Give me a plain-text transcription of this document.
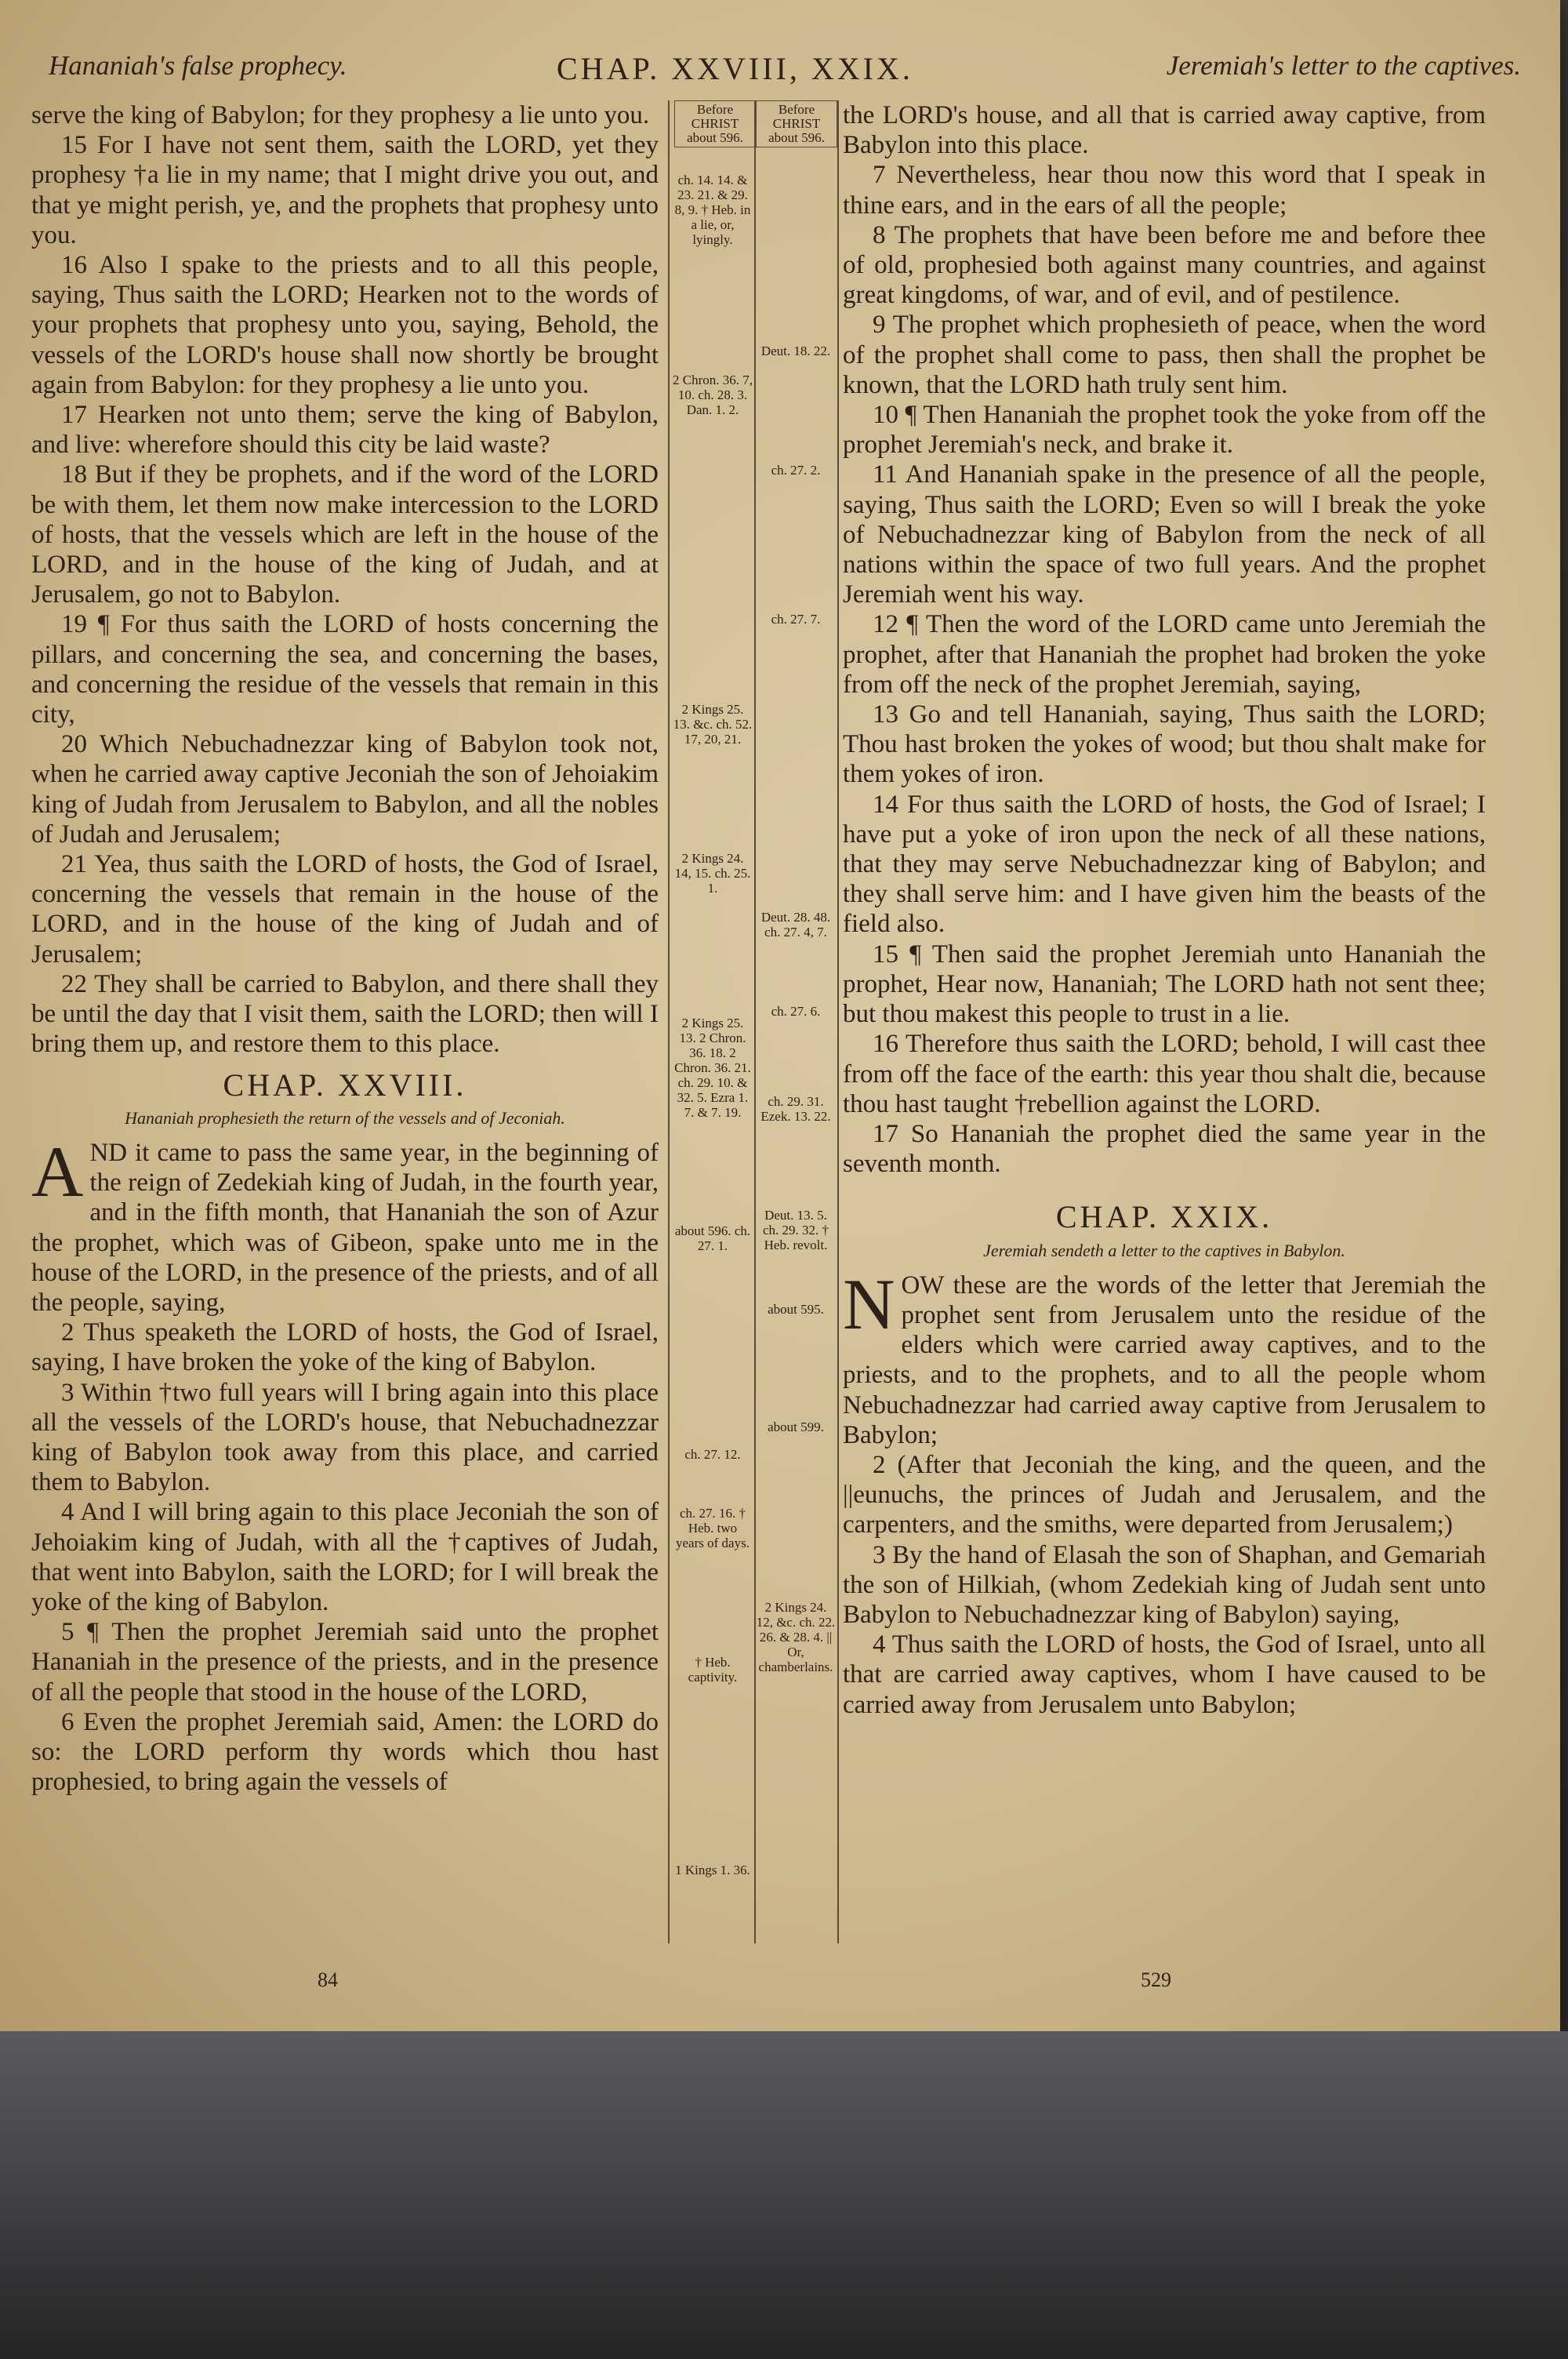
Hananiah's false prophecy.	CHAP. XXVIII, XXIX.	Jeremiah's letter to the captives.
Before CHRIST about 596.
Before CHRIST about 596.
ch. 14. 14. & 23. 21. & 29. 8, 9. † Heb. in a lie, or, lyingly.
2 Chron. 36. 7, 10. ch. 28. 3. Dan. 1. 2.
2 Kings 25. 13. &c. ch. 52. 17, 20, 21.
2 Kings 24. 14, 15. ch. 25. 1.
2 Kings 25. 13. 2 Chron. 36. 18. 2 Chron. 36. 21. ch. 29. 10. & 32. 5. Ezra 1. 7. & 7. 19.
about 596. ch. 27. 1.
ch. 27. 12.
ch. 27. 16. † Heb. two years of days.
† Heb. captivity.
1 Kings 1. 36.
Deut. 18. 22.
ch. 27. 2.
ch. 27. 7.
Deut. 28. 48. ch. 27. 4, 7.
ch. 27. 6.
ch. 29. 31. Ezek. 13. 22.
Deut. 13. 5. ch. 29. 32. † Heb. revolt.
about 595.
about 599.
2 Kings 24. 12, &c. ch. 22. 26. & 28. 4. || Or, chamberlains.

serve the king of Babylon; for they prophesy a lie unto you.

15 For I have not sent them, saith the LORD, yet they prophesy †a lie in my name; that I might drive you out, and that ye might perish, ye, and the prophets that prophesy unto you.

16 Also I spake to the priests and to all this people, saying, Thus saith the LORD; Hearken not to the words of your prophets that prophesy unto you, saying, Behold, the vessels of the LORD's house shall now shortly be brought again from Babylon: for they prophesy a lie unto you.

17 Hearken not unto them; serve the king of Babylon, and live: wherefore should this city be laid waste?

18 But if they be prophets, and if the word of the LORD be with them, let them now make intercession to the LORD of hosts, that the vessels which are left in the house of the LORD, and in the house of the king of Judah, and at Jerusalem, go not to Babylon.

19 ¶ For thus saith the LORD of hosts concerning the pillars, and concerning the sea, and concerning the bases, and concerning the residue of the vessels that remain in this city,

20 Which Nebuchadnezzar king of Babylon took not, when he carried away captive Jeconiah the son of Jehoiakim king of Judah from Jerusalem to Babylon, and all the nobles of Judah and Jerusalem;

21 Yea, thus saith the LORD of hosts, the God of Israel, concerning the vessels that remain in the house of the LORD, and in the house of the king of Judah and of Jerusalem;

22 They shall be carried to Babylon, and there shall they be until the day that I visit them, saith the LORD; then will I bring them up, and restore them to this place.

CHAP. XXVIII.
Hananiah prophesieth the return of the vessels and of Jeconiah.

AND it came to pass the same year, in the beginning of the reign of Zedekiah king of Judah, in the fourth year, and in the fifth month, that Hananiah the son of Azur the prophet, which was of Gibeon, spake unto me in the house of the LORD, in the presence of the priests, and of all the people, saying,

2 Thus speaketh the LORD of hosts, the God of Israel, saying, I have broken the yoke of the king of Babylon.

3 Within †two full years will I bring again into this place all the vessels of the LORD's house, that Nebuchadnezzar king of Babylon took away from this place, and carried them to Babylon.

4 And I will bring again to this place Jeconiah the son of Jehoiakim king of Judah, with all the †captives of Judah, that went into Babylon, saith the LORD; for I will break the yoke of the king of Babylon.

5 ¶ Then the prophet Jeremiah said unto the prophet Hananiah in the presence of the priests, and in the presence of all the people that stood in the house of the LORD,

6 Even the prophet Jeremiah said, Amen: the LORD do so: the LORD perform thy words which thou hast prophesied, to bring again the vessels of

the LORD's house, and all that is carried away captive, from Babylon into this place.

7 Nevertheless, hear thou now this word that I speak in thine ears, and in the ears of all the people;

8 The prophets that have been before me and before thee of old, prophesied both against many countries, and against great kingdoms, of war, and of evil, and of pestilence.

9 The prophet which prophesieth of peace, when the word of the prophet shall come to pass, then shall the prophet be known, that the LORD hath truly sent him.

10 ¶ Then Hananiah the prophet took the yoke from off the prophet Jeremiah's neck, and brake it.

11 And Hananiah spake in the presence of all the people, saying, Thus saith the LORD; Even so will I break the yoke of Nebuchadnezzar king of Babylon from the neck of all nations within the space of two full years. And the prophet Jeremiah went his way.

12 ¶ Then the word of the LORD came unto Jeremiah the prophet, after that Hananiah the prophet had broken the yoke from off the neck of the prophet Jeremiah, saying,

13 Go and tell Hananiah, saying, Thus saith the LORD; Thou hast broken the yokes of wood; but thou shalt make for them yokes of iron.

14 For thus saith the LORD of hosts, the God of Israel; I have put a yoke of iron upon the neck of all these nations, that they may serve Nebuchadnezzar king of Babylon; and they shall serve him: and I have given him the beasts of the field also.

15 ¶ Then said the prophet Jeremiah unto Hananiah the prophet, Hear now, Hananiah; The LORD hath not sent thee; but thou makest this people to trust in a lie.

16 Therefore thus saith the LORD; behold, I will cast thee from off the face of the earth: this year thou shalt die, because thou hast taught †rebellion against the LORD.

17 So Hananiah the prophet died the same year in the seventh month.

CHAP. XXIX.
Jeremiah sendeth a letter to the captives in Babylon.

NOW these are the words of the letter that Jeremiah the prophet sent from Jerusalem unto the residue of the elders which were carried away captives, and to the priests, and to the prophets, and to all the people whom Nebuchadnezzar had carried away captive from Jerusalem to Babylon;

2 (After that Jeconiah the king, and the queen, and the ||eunuchs, the princes of Judah and Jerusalem, and the carpenters, and the smiths, were departed from Jerusalem;)

3 By the hand of Elasah the son of Shaphan, and Gemariah the son of Hilkiah, (whom Zedekiah king of Judah sent unto Babylon to Nebuchadnezzar king of Babylon) saying,

4 Thus saith the LORD of hosts, the God of Israel, unto all that are carried away captives, whom I have caused to be carried away from Jerusalem unto Babylon;

84	529
